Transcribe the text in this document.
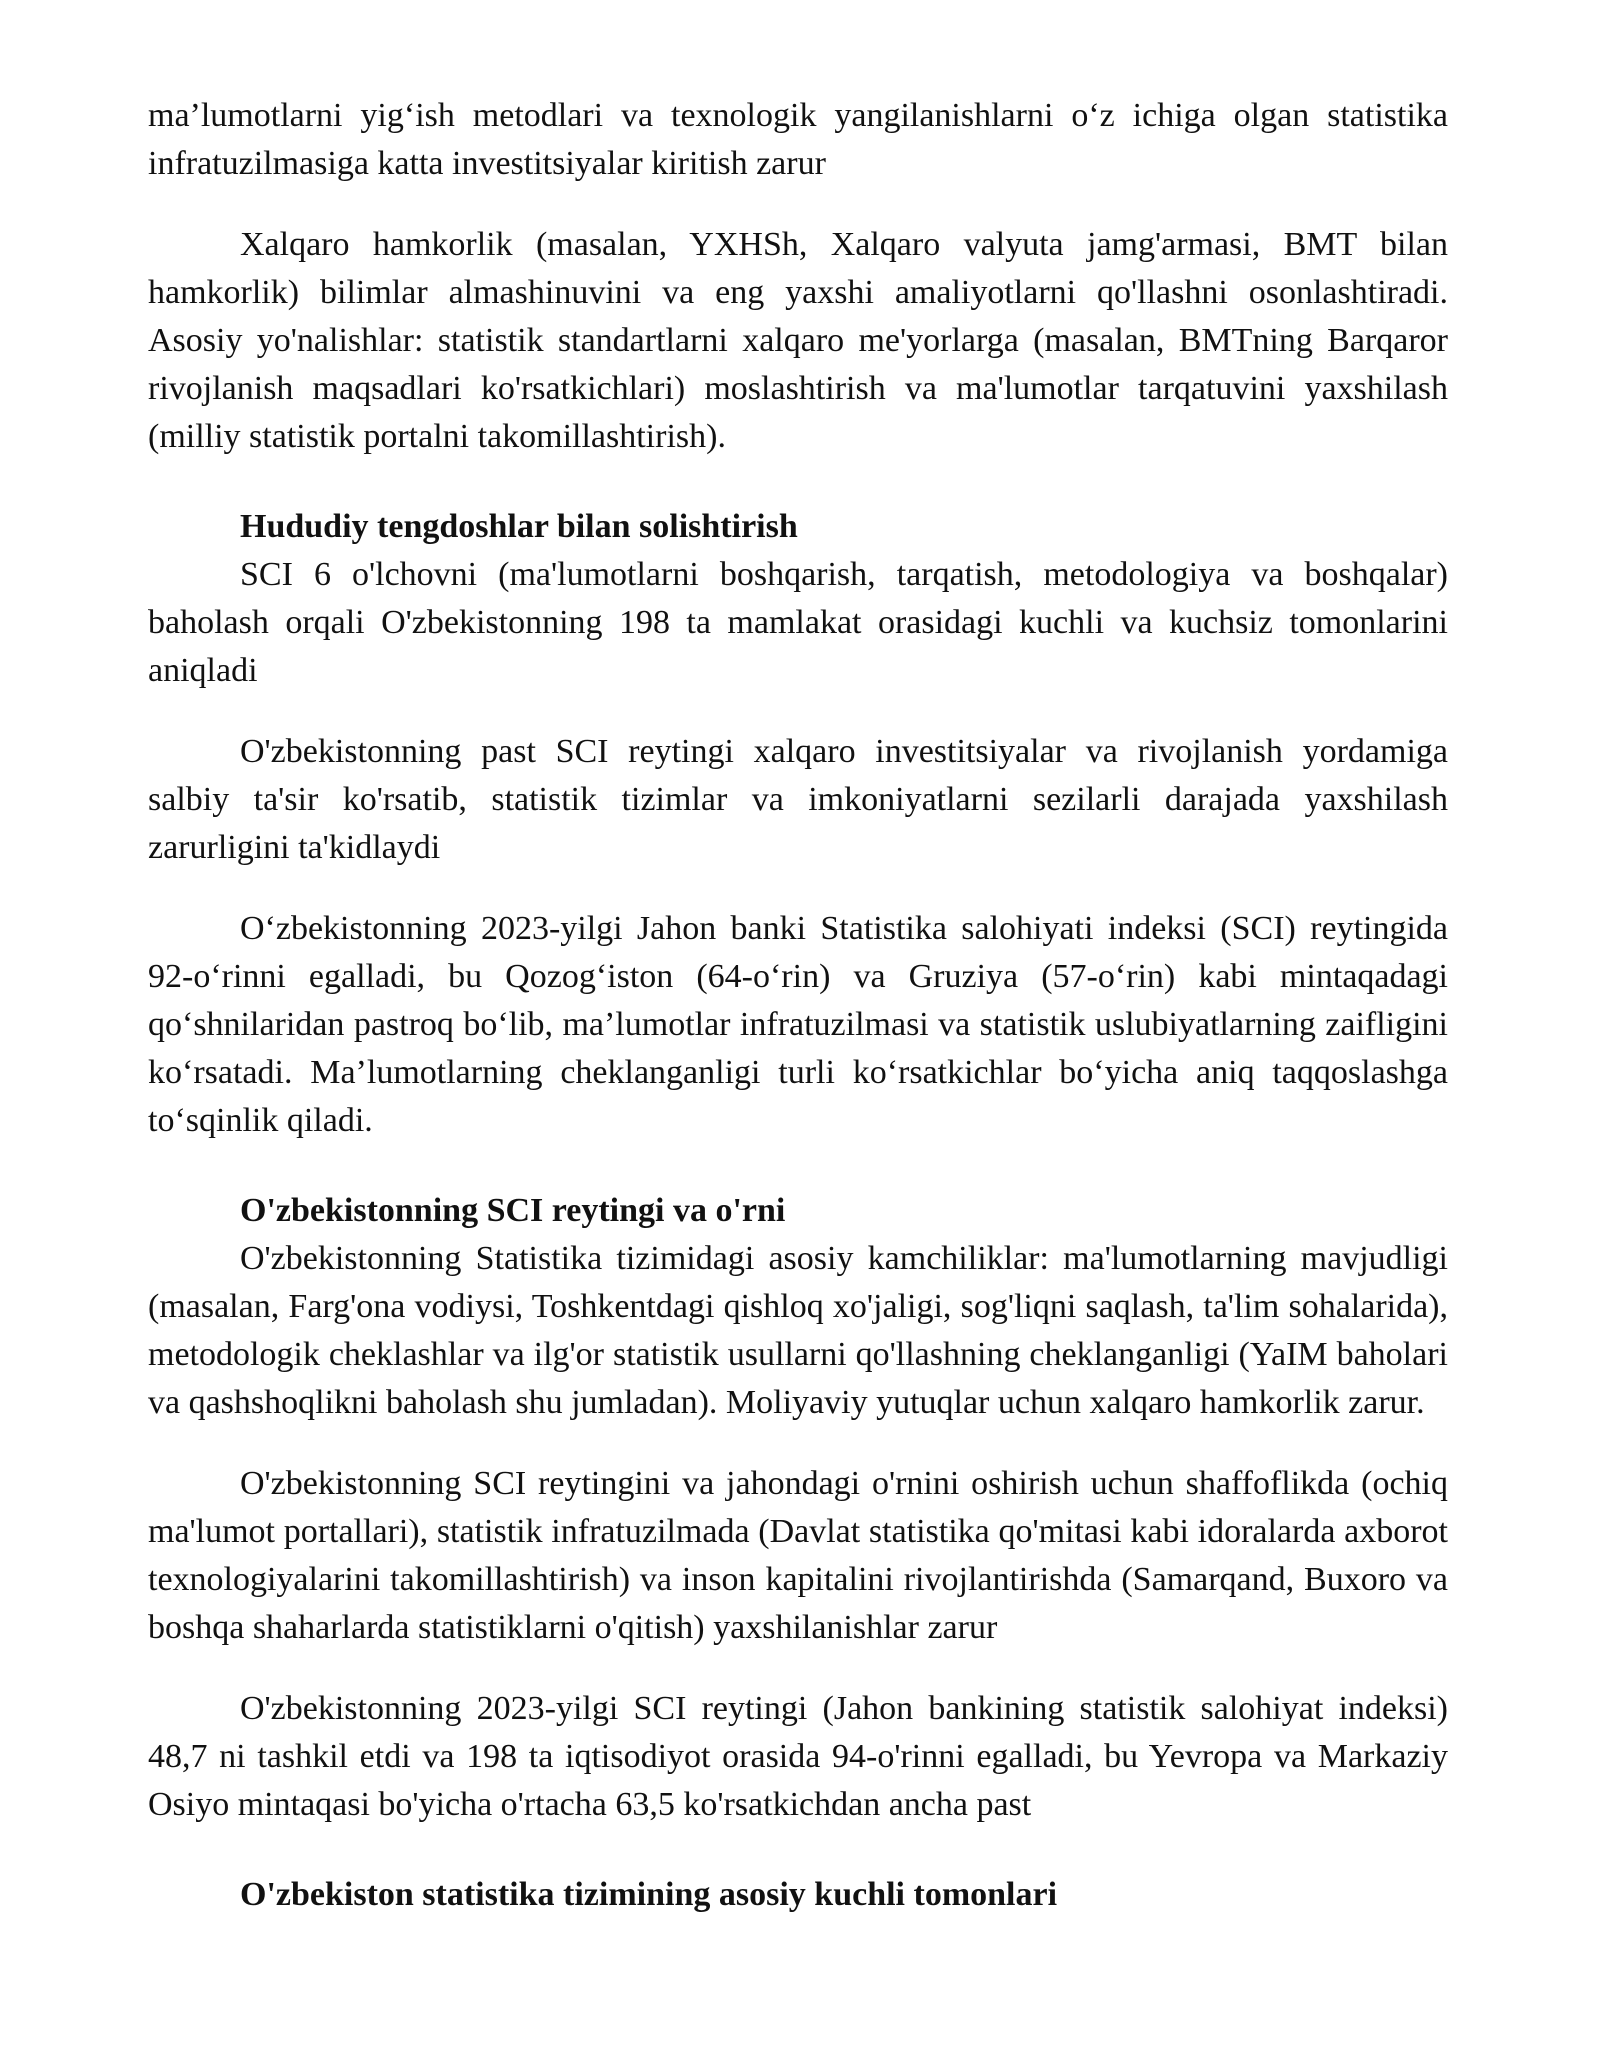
ma’lumotlarni yig‘ish metodlari va texnologik yangilanishlarni o‘z ichiga olgan statistika infratuzilmasiga katta investitsiyalar kiritish zarur

Xalqaro hamkorlik (masalan, YXHSh, Xalqaro valyuta jamg'armasi, BMT bilan hamkorlik) bilimlar almashinuvini va eng yaxshi amaliyotlarni qo'llashni osonlashtiradi. Asosiy yo'nalishlar: statistik standartlarni xalqaro me'yorlarga (masalan, BMTning Barqaror rivojlanish maqsadlari ko'rsatkichlari) moslashtirish va ma'lumotlar tarqatuvini yaxshilash (milliy statistik portalni takomillashtirish).

Hududiy tengdoshlar bilan solishtirish

SCI 6 o'lchovni (ma'lumotlarni boshqarish, tarqatish, metodologiya va boshqalar) baholash orqali O'zbekistonning 198 ta mamlakat orasidagi kuchli va kuchsiz tomonlarini aniqladi

O'zbekistonning past SCI reytingi xalqaro investitsiyalar va rivojlanish yordamiga salbiy ta'sir ko'rsatib, statistik tizimlar va imkoniyatlarni sezilarli darajada yaxshilash zarurligini ta'kidlaydi

O‘zbekistonning 2023-yilgi Jahon banki Statistika salohiyati indeksi (SCI) reytingida 92-o‘rinni egalladi, bu Qozog‘iston (64-o‘rin) va Gruziya (57-o‘rin) kabi mintaqadagi qo‘shnilaridan pastroq bo‘lib, ma’lumotlar infratuzilmasi va statistik uslubiyatlarning zaifligini ko‘rsatadi. Ma’lumotlarning cheklanganligi turli ko‘rsatkichlar bo‘yicha aniq taqqoslashga to‘sqinlik qiladi.

O'zbekistonning SCI reytingi va o'rni

O'zbekistonning Statistika tizimidagi asosiy kamchiliklar: ma'lumotlarning mavjudligi (masalan, Farg'ona vodiysi, Toshkentdagi qishloq xo'jaligi, sog'liqni saqlash, ta'lim sohalarida), metodologik cheklashlar va ilg'or statistik usullarni qo'llashning cheklanganligi (YaIM baholari va qashshoqlikni baholash shu jumladan). Moliyaviy yutuqlar uchun xalqaro hamkorlik zarur.

O'zbekistonning SCI reytingini va jahondagi o'rnini oshirish uchun shaffoflikda (ochiq ma'lumot portallari), statistik infratuzilmada (Davlat statistika qo'mitasi kabi idoralarda axborot texnologiyalarini takomillashtirish) va inson kapitalini rivojlantirishda (Samarqand, Buxoro va boshqa shaharlarda statistiklarni o'qitish) yaxshilanishlar zarur

O'zbekistonning 2023-yilgi SCI reytingi (Jahon bankining statistik salohiyat indeksi) 48,7 ni tashkil etdi va 198 ta iqtisodiyot orasida 94-o'rinni egalladi, bu Yevropa va Markaziy Osiyo mintaqasi bo'yicha o'rtacha 63,5 ko'rsatkichdan ancha past

O'zbekiston statistika tizimining asosiy kuchli tomonlari
